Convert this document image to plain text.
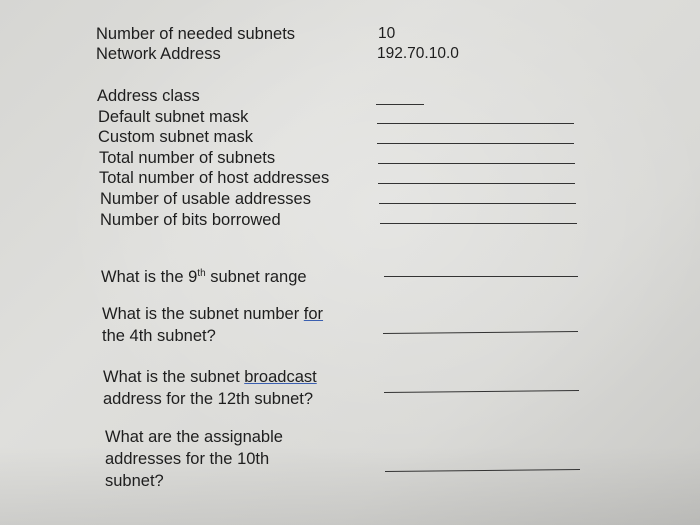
Number of needed subnets	10
Network Address	192.70.10.0
Address class
Default subnet mask
Custom subnet mask
Total number of subnets
Total number of host addresses
Number of usable addresses
Number of bits borrowed
What is the 9th subnet range
What is the subnet number for
the 4th subnet?
What is the subnet broadcast
address for the 12th subnet?
What are the assignable
addresses for the 10th
subnet?
